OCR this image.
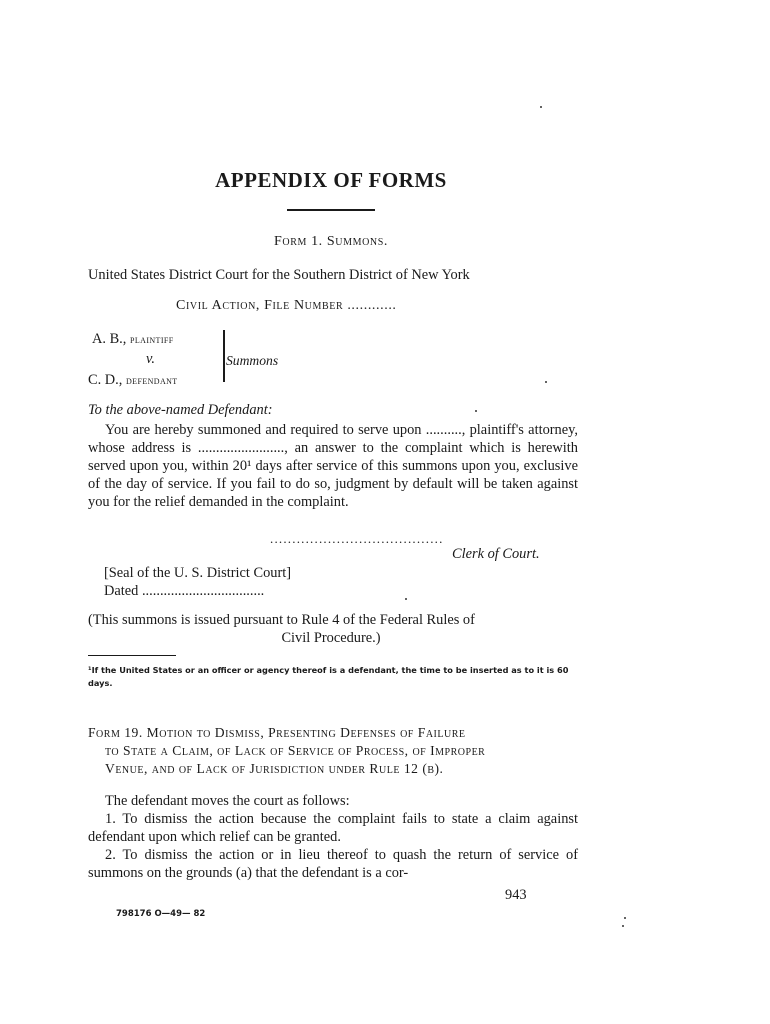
APPENDIX OF FORMS
Form 1. Summons.
United States District Court for the Southern District of New York
Civil Action, File Number ............
A. B., plaintiff
v.
C. D., defendant
Summons
To the above-named Defendant:

You are hereby summoned and required to serve upon .........., plaintiff's attorney, whose address is ........................, an answer to the complaint which is herewith served upon you, within 20¹ days after service of this summons upon you, exclusive of the day of service. If you fail to do so, judgment by default will be taken against you for the relief demanded in the complaint.

.......................................
Clerk of Court.
[Seal of the U. S. District Court]
Dated ..................................
(This summons is issued pursuant to Rule 4 of the Federal Rules of
Civil Procedure.)
¹If the United States or an officer or agency thereof is a defendant, the time to be inserted as to it is 60 days.
Form 19. Motion to Dismiss, Presenting Defenses of Failure
to State a Claim, of Lack of Service of Process, of Improper
Venue, and of Lack of Jurisdiction under Rule 12 (b).

The defendant moves the court as follows:

1. To dismiss the action because the complaint fails to state a claim against defendant upon which relief can be granted.

2. To dismiss the action or in lieu thereof to quash the return of service of summons on the grounds (a) that the defendant is a cor-

943
798176 O—49— 82
